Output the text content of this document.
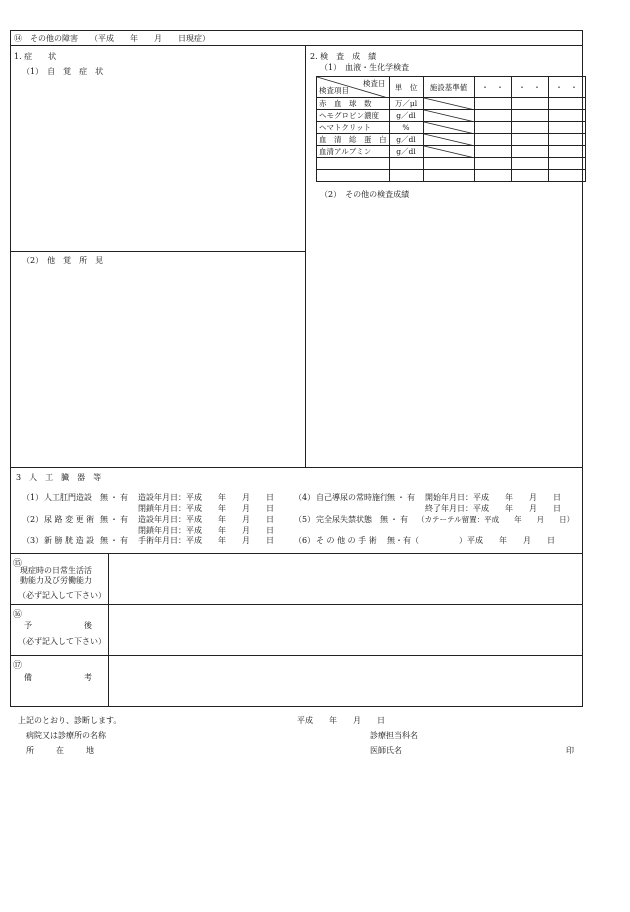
⑭　その他の障害　　（平成　　年　　月　　日現症）
1. 症　　状
（1）　自　覚　症　状
（2）　他　覚　所　見
2. 検　査　成　績
（1）　血液・生化学検査
検査日
検査項目	単　位	施設基準値	・　・	・　・	・　・
赤　血　球　数	万／μl	

ヘモグロビン濃度	g／dl	

ヘマトクリット	%	

血　清　総　蛋　白	g／dl	

血清アルブミン	g／dl	

（2）　その他の検査成績
3　人　工　臓　器　等
（1） 人工肛門造設 無・有 造設年月日：平成　　年　　月　　日
閉鎖年月日：平成　　年　　月　　日
（2） 尿 路 変 更 術 無・有 造設年月日：平成　　年　　月　　日
閉鎖年月日：平成　　年　　月　　日
（3） 新 膀 胱 造 設 無・有 手術年月日：平成　　年　　月　　日
（4） 自己導尿の常時施行 無・有 開始年月日：平成　　年　　月　　日
終了年月日：平成　　年　　月　　日
（5） 完全尿失禁状態 無・有 （カテーテル留置：平成　　年　　月　　日）
（6） そ の 他 の 手 術 無・有（　　　　　）平成　　年　　月　　日
⑮
現症時の日常生活活
動能力及び労働能力
（必ず記入して下さい）
⑯
予　　　　　後
（必ず記入して下さい）
⑰
備　　　　　考
上記のとおり、診断します。	平成　　年　　月　　日
病院又は診療所の名称	診療担当科名
所　　在　　地	医師氏名	印
